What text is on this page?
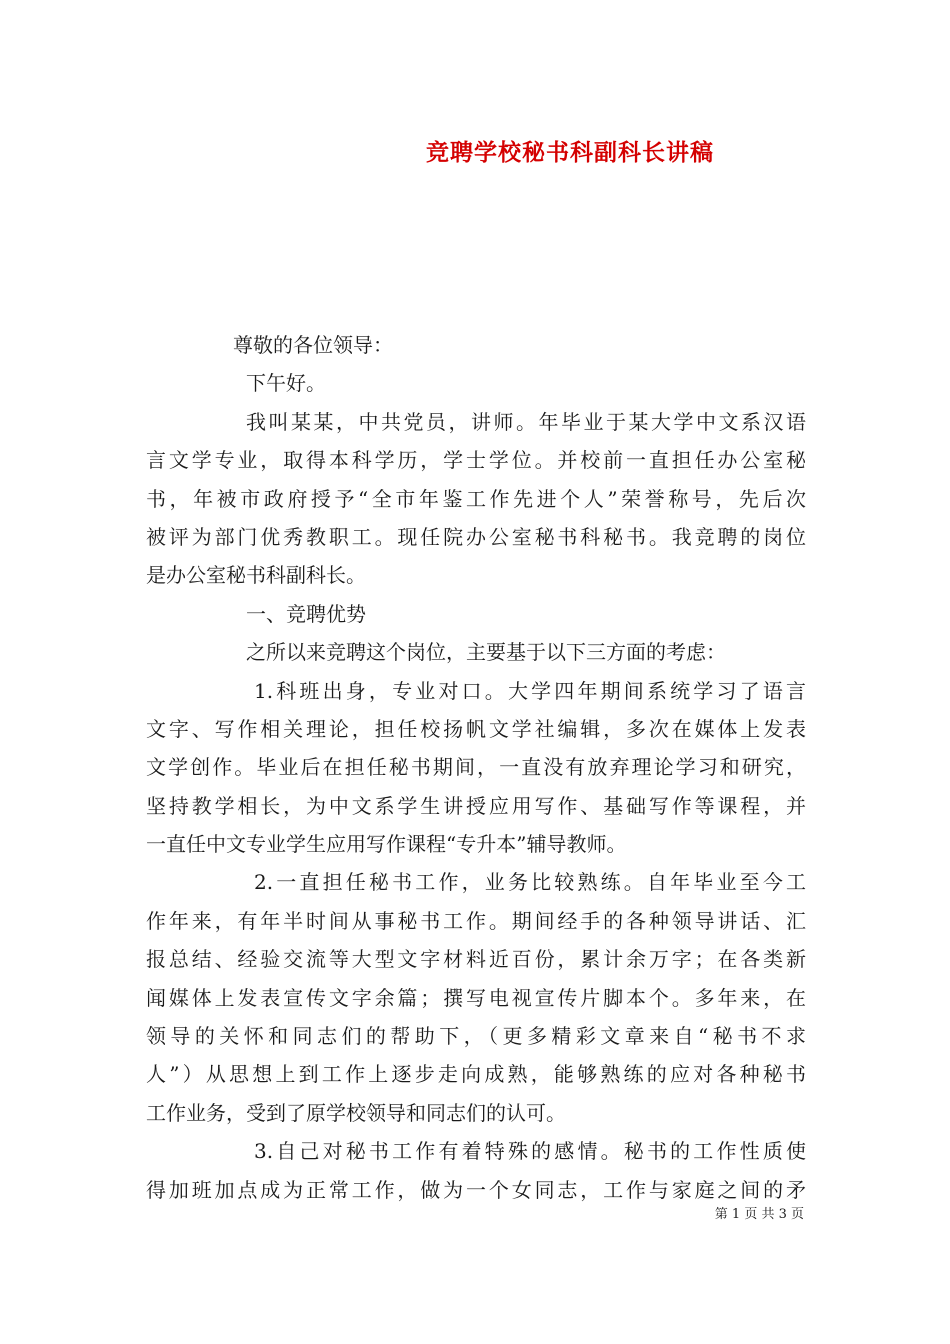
竞聘学校秘书科副科长讲稿
尊敬的各位领导：
下午好。
我叫某某，中共党员，讲师。年毕业于某大学中文系汉语
言文学专业，取得本科学历，学士学位。并校前一直担任办公室秘
书，年被市政府授予“全市年鉴工作先进个人”荣誉称号，先后次
被评为部门优秀教职工。现任院办公室秘书科秘书。我竞聘的岗位
是办公室秘书科副科长。
一、竞聘优势
之所以来竞聘这个岗位，主要基于以下三方面的考虑：
1.科班出身，专业对口。大学四年期间系统学习了语言
文字、写作相关理论，担任校扬帆文学社编辑，多次在媒体上发表
文学创作。毕业后在担任秘书期间，一直没有放弃理论学习和研究，
坚持教学相长，为中文系学生讲授应用写作、基础写作等课程，并
一直任中文专业学生应用写作课程“专升本”辅导教师。
2.一直担任秘书工作，业务比较熟练。自年毕业至今工
作年来，有年半时间从事秘书工作。期间经手的各种领导讲话、汇
报总结、经验交流等大型文字材料近百份，累计余万字；在各类新
闻媒体上发表宣传文字余篇；撰写电视宣传片脚本个。多年来，在
领导的关怀和同志们的帮助下，（更多精彩文章来自“秘书不求
人”）从思想上到工作上逐步走向成熟，能够熟练的应对各种秘书
工作业务，受到了原学校领导和同志们的认可。
3.自己对秘书工作有着特殊的感情。秘书的工作性质使
得加班加点成为正常工作，做为一个女同志，工作与家庭之间的矛
第 1 页 共 3 页
